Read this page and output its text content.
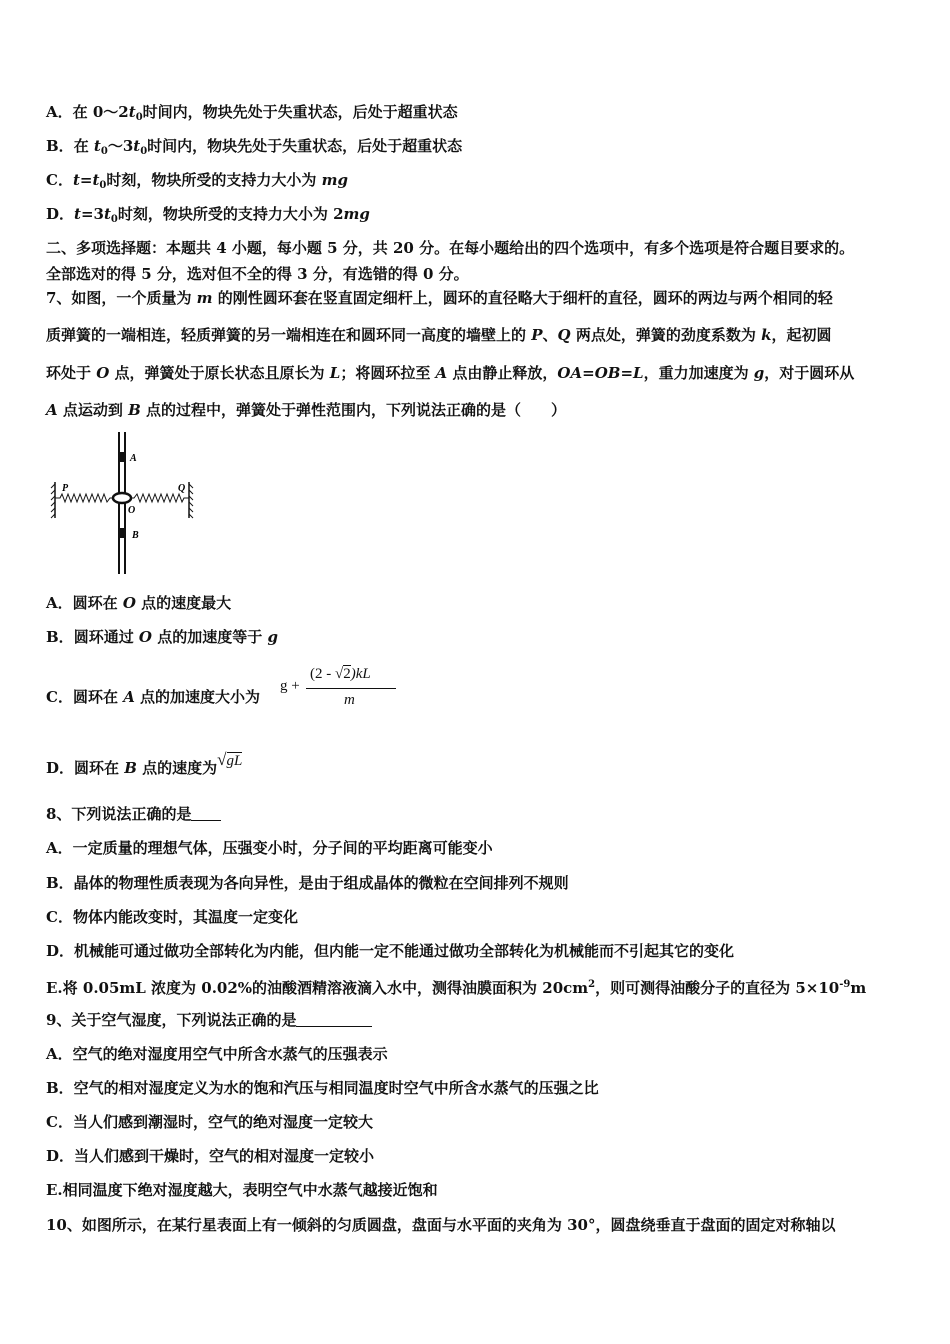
A．在 $0\sim 2t_0$时间内，物块先处于失重状态，后处于超重状态
B．在 $t_0\sim 3t_0$时间内，物块先处于失重状态，后处于超重状态
C．$t=t_0$时刻，物块所受的支持力大小为 mg
D．$t=3t_0$时刻，物块所受的支持力大小为 2mg
二、多项选择题：本题共 4 小题，每小题 5 分，共 20 分。在每小题给出的四个选项中，有多个选项是符合题目要求的。
全部选对的得 5 分，选对但不全的得 3 分，有选错的得 0 分。
7、如图，一个质量为 m 的刚性圆环套在竖直固定细杆上，圆环的直径略大于细杆的直径，圆环的两边与两个相同的轻
质弹簧的一端相连，轻质弹簧的另一端相连在和圆环同一高度的墙壁上的 P、Q 两点处，弹簧的劲度系数为 k，起初圆
环处于 O 点，弹簧处于原长状态且原长为 L；将圆环拉至 A 点由静止释放，OA=OB=L，重力加速度为 g，对于圆环从
A 点运动到 B 点的过程中，弹簧处于弹性范围内，下列说法正确的是（　　）
A
P	Q
O
B
A．圆环在 O 点的速度最大
B．圆环通过 O 点的加速度等于 g
C．圆环在 A 点的加速度大小为
g +
(2 - √2)kL
m
D．圆环在 B 点的速度为√gL
8、下列说法正确的是
A．一定质量的理想气体，压强变小时，分子间的平均距离可能变小
B．晶体的物理性质表现为各向异性，是由于组成晶体的微粒在空间排列不规则
C．物体内能改变时，其温度一定变化
D．机械能可通过做功全部转化为内能，但内能一定不能通过做功全部转化为机械能而不引起其它的变化
E.将 0.05mL 浓度为 0.02%的油酸酒精溶液滴入水中，测得油膜面积为 $20cm^2$，则可测得油酸分子的直径为 $5\times 10^{-9}m$
9、关于空气湿度，下列说法正确的是
A．空气的绝对湿度用空气中所含水蒸气的压强表示
B．空气的相对湿度定义为水的饱和汽压与相同温度时空气中所含水蒸气的压强之比
C．当人们感到潮湿时，空气的绝对湿度一定较大
D．当人们感到干燥时，空气的相对湿度一定较小
E.相同温度下绝对湿度越大，表明空气中水蒸气越接近饱和
10、如图所示，在某行星表面上有一倾斜的匀质圆盘，盘面与水平面的夹角为 30°，圆盘绕垂直于盘面的固定对称轴以
